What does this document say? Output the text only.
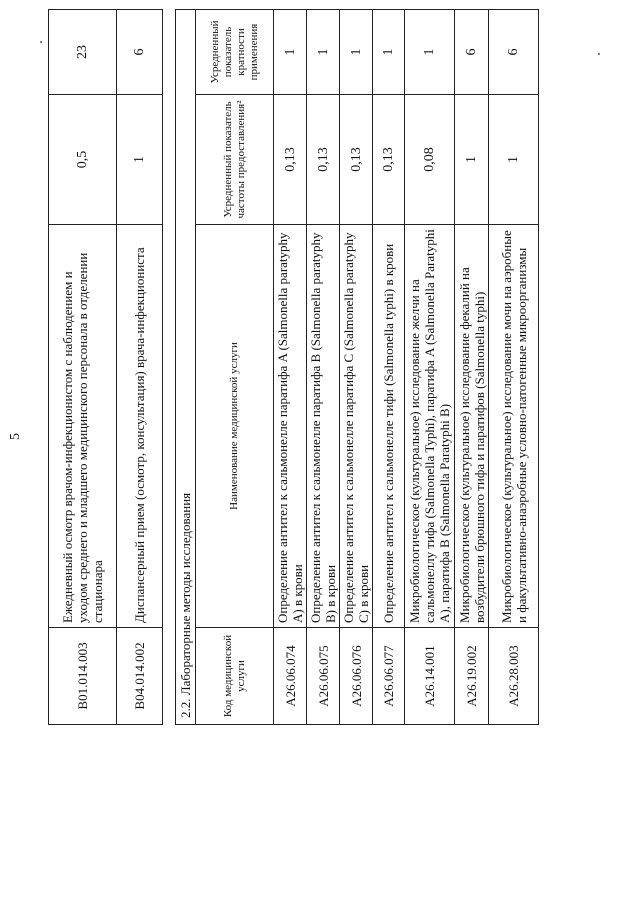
5
B01.014.003	Ежедневный осмотр врачом-инфекционистом с наблюдением и уходом среднего и младшего медицинского персонала в отделении стационара	0,5	23
B04.014.002	Диспансерный прием (осмотр, консультация) врача-инфекциониста	1	6
2.2. Лабораторные методы исследования			
Код медицинской услуги	Наименование медицинской услуги	Усредненный показатель частоты предоставления²	Усредненный показатель кратности применения
A26.06.074	Определение антител к сальмонелле паратифа A (Salmonella paratyphy A) в крови	0,13	1
A26.06.075	Определение антител к сальмонелле паратифа B (Salmonella paratyphy B) в крови	0,13	1
A26.06.076	Определение антител к сальмонелле паратифа C (Salmonella paratyphy C) в крови	0,13	1
A26.06.077	Определение антител к сальмонелле тифи (Salmonella typhi) в крови	0,13	1
A26.14.001	Микробиологическое (культуральное) исследование желчи на сальмонеллу тифа (Salmonella Typhi), паратифа A (Salmonella Paratyphi A), паратифа B (Salmonella Paratyphi B)	0,08	1
A26.19.002	Микробиологическое (культуральное) исследование фекалий на возбудители брюшного тифа и паратифов (Salmonella typhi)	1	6
A26.28.003	Микробиологическое (культуральное) исследование мочи на аэробные и факультативно-анаэробные условно-патогенные микроорганизмы	1	6
